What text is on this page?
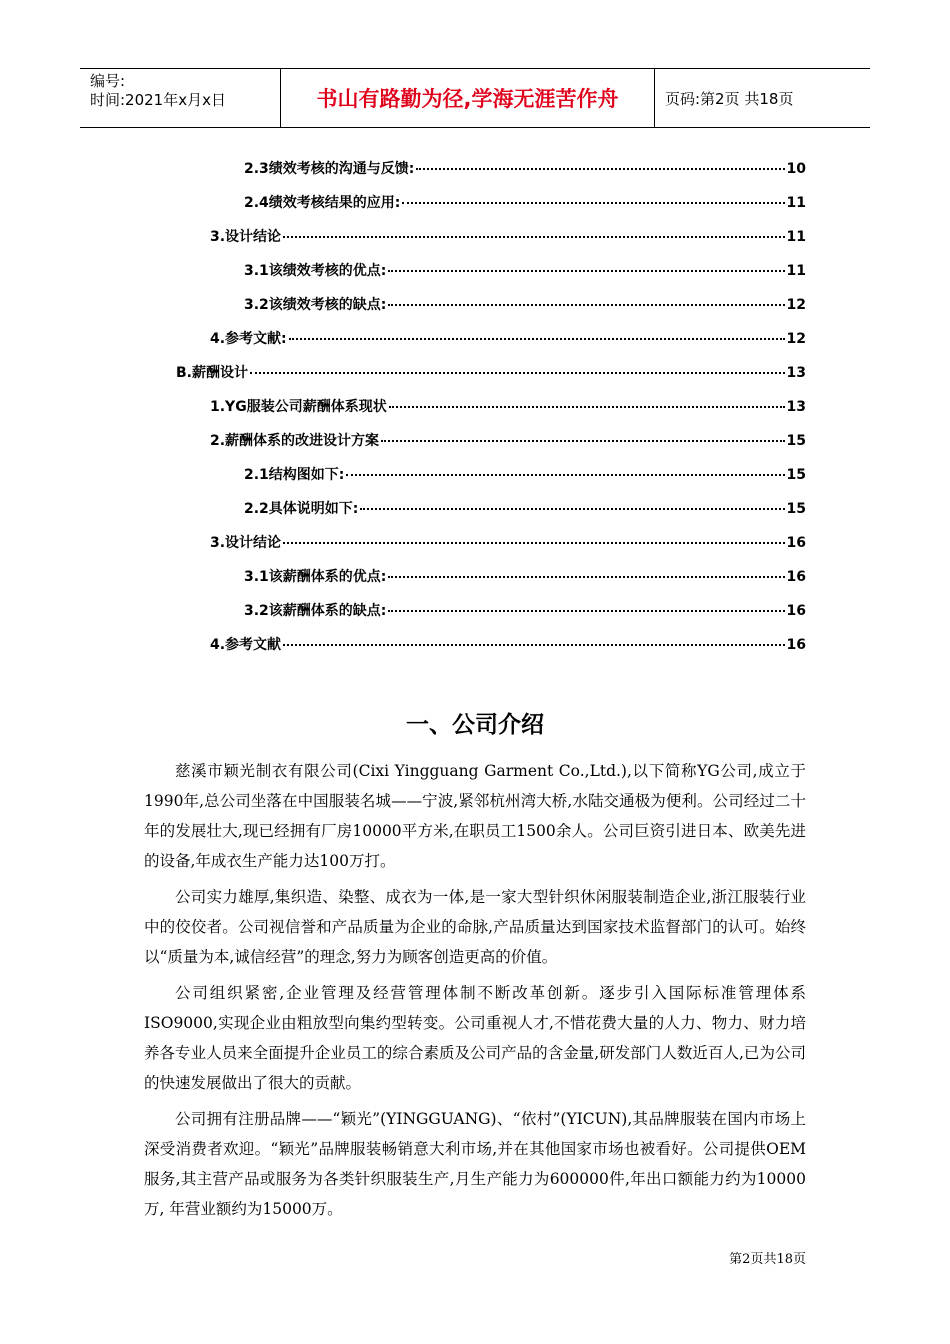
编号:
时间:2021年x月x日	书山有路勤为径,学海无涯苦作舟	页码:第2页 共18页
2.3绩效考核的沟通与反馈:	10
2.4绩效考核结果的应用:	11
3.设计结论	11
3.1该绩效考核的优点:	11
3.2该绩效考核的缺点:	12
4.参考文献:	12
B.薪酬设计	13
1.YG服装公司薪酬体系现状	13
2.薪酬体系的改进设计方案	15
2.1结构图如下:	15
2.2具体说明如下:	15
3.设计结论	16
3.1该薪酬体系的优点:	16
3.2该薪酬体系的缺点:	16
4.参考文献	16
一、公司介绍

慈溪市颖光制衣有限公司(Cixi Yingguang Garment Co.,Ltd.),以下简称YG公司,成立于1990年,总公司坐落在中国服装名城——宁波,紧邻杭州湾大桥,水陆交通极为便利。公司经过二十年的发展壮大,现已经拥有厂房10000平方米,在职员工1500余人。公司巨资引进日本、欧美先进的设备,年成衣生产能力达100万打。

公司实力雄厚,集织造、染整、成衣为一体,是一家大型针织休闲服装制造企业,浙江服装行业中的佼佼者。公司视信誉和产品质量为企业的命脉,产品质量达到国家技术监督部门的认可。始终以“质量为本,诚信经营”的理念,努力为顾客创造更高的价值。

公司组织紧密,企业管理及经营管理体制不断改革创新。逐步引入国际标准管理体系ISO9000,实现企业由粗放型向集约型转变。公司重视人才,不惜花费大量的人力、物力、财力培养各专业人员来全面提升企业员工的综合素质及公司产品的含金量,研发部门人数近百人,已为公司的快速发展做出了很大的贡献。

公司拥有注册品牌——“颖光”(YINGGUANG)、“依村”(YICUN),其品牌服装在国内市场上深受消费者欢迎。“颖光”品牌服装畅销意大利市场,并在其他国家市场也被看好。公司提供OEM服务,其主营产品或服务为各类针织服装生产,月生产能力为600000件,年出口额能力约为10000万, 年营业额约为15000万。

第2页共18页
